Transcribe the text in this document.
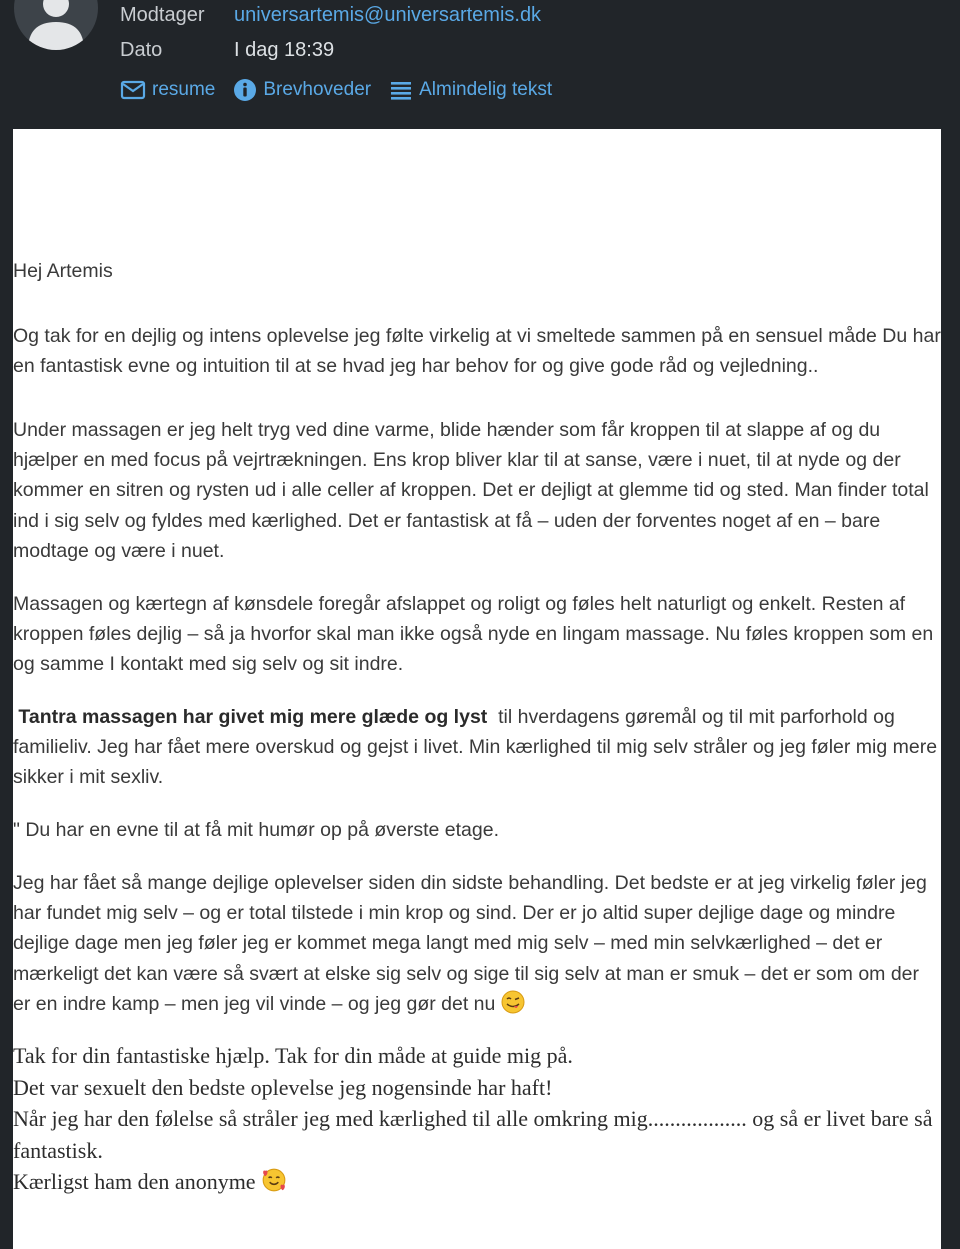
Modtager universartemis@universartemis.dk
Dato	I dag 18:39
resume	Brevhoveder	Almindelig tekst

Hej Artemis

Og tak for en dejlig og intens oplevelse jeg følte virkelig at vi smeltede sammen på en sensuel måde Du har en fantastisk evne og intuition til at se hvad jeg har behov for og give gode råd og vejledning..

Under massagen er jeg helt tryg ved dine varme, blide hænder som får kroppen til at slappe af og du hjælper en med focus på vejrtrækningen. Ens krop bliver klar til at sanse, være i nuet, til at nyde og der kommer en sitren og rysten ud i alle celler af kroppen. Det er dejligt at glemme tid og sted. Man finder total ind i sig selv og fyldes med kærlighed. Det er fantastisk at få – uden der forventes noget af en – bare modtage og være i nuet.

Massagen og kærtegn af kønsdele foregår afslappet og roligt og føles helt naturligt og enkelt. Resten af kroppen føles dejlig – så ja hvorfor skal man ikke også nyde en lingam massage. Nu føles kroppen som en og samme I kontakt med sig selv og sit indre.

Tantra massagen har givet mig mere glæde og lyst til hverdagens gøremål og til mit parforhold og familieliv. Jeg har fået mere overskud og gejst i livet. Min kærlighed til mig selv stråler og jeg føler mig mere sikker i mit sexliv.

" Du har en evne til at få mit humør op på øverste etage.

Jeg har fået så mange dejlige oplevelser siden din sidste behandling. Det bedste er at jeg virkelig føler jeg har fundet mig selv – og er total tilstede i min krop og sind. Der er jo altid super dejlige dage og mindre dejlige dage men jeg føler jeg er kommet mega langt med mig selv – med min selvkærlighed – det er mærkeligt det kan være så svært at elske sig selv og sige til sig selv at man er smuk – det er som om der er en indre kamp – men jeg vil vinde – og jeg gør det nu

Tak for din fantastiske hjælp. Tak for din måde at guide mig på.
Det var sexuelt den bedste oplevelse jeg nogensinde har haft!
Når jeg har den følelse så stråler jeg med kærlighed til alle omkring mig.................. og så er livet bare så fantastisk.
Kærligst ham den anonyme
